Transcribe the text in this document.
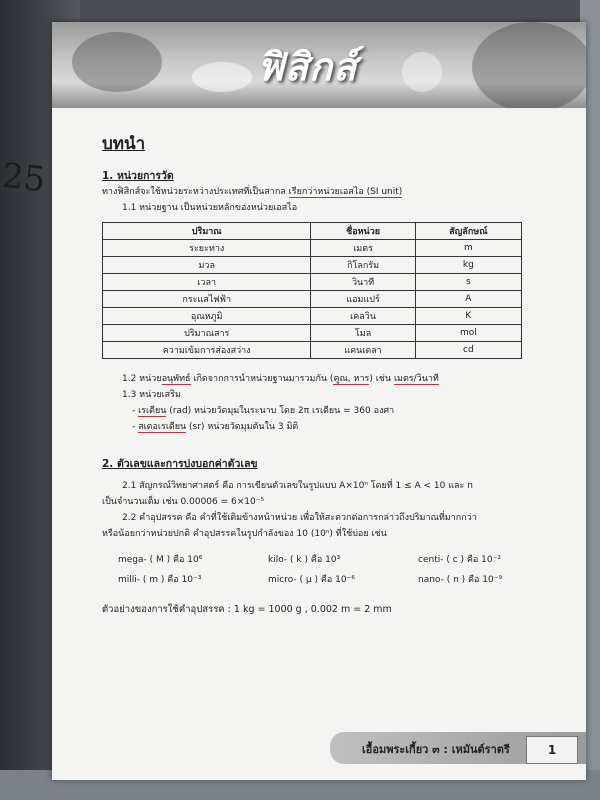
25
ฟิสิกส์

บทนำ

1. หน่วยการวัด

ทางฟิสิกส์จะใช้หน่วยระหว่างประเทศที่เป็นสากล เรียกว่าหน่วยเอสไอ (SI unit)

1.1 หน่วยฐาน เป็นหน่วยหลักของหน่วยเอสไอ

ปริมาณ	ชื่อหน่วย	สัญลักษณ์
ระยะทาง	เมตร	m
มวล	กิโลกรัม	kg
เวลา	วินาที	s
กระแสไฟฟ้า	แอมแปร์	A
อุณหภูมิ	เคลวิน	K
ปริมาณสาร	โมล	mol
ความเข้มการส่องสว่าง	แคนเดลา	cd

1.2 หน่วยอนุพัทธ์ เกิดจากการนำหน่วยฐานมารวมกัน (คูณ, หาร) เช่น เมตร/วินาที

1.3 หน่วยเสริม

- เรเดียน (rad) หน่วยวัดมุมในระนาบ โดย 2π เรเดียน = 360 องศา

- สเตอเรเดียน (sr) หน่วยวัดมุมตันใน 3 มิติ

2. ตัวเลขและการบ่งบอกค่าตัวเลข

2.1 สัญกรณ์วิทยาศาสตร์ คือ การเขียนตัวเลขในรูปแบบ A×10ⁿ โดยที่ 1 ≤ A < 10 และ n

เป็นจำนวนเต็ม เช่น 0.00006 = 6×10⁻⁵

2.2 คำอุปสรรค คือ คำที่ใช้เติมข้างหน้าหน่วย เพื่อให้สะดวกต่อการกล่าวถึงปริมาณที่มากกว่า

หรือน้อยกว่าหน่วยปกติ คำอุปสรรคในรูปกำลังของ 10 (10ⁿ) ที่ใช้บ่อย เช่น

mega- ( M ) คือ 10⁶	kilo- ( k ) คือ 10³	centi- ( c ) คือ 10⁻²
milli- ( m ) คือ 10⁻³	micro- ( μ ) คือ 10⁻⁶	nano- ( n ) คือ 10⁻⁹

ตัวอย่างของการใช้คำอุปสรรค : 1 kg = 1000 g , 0.002 m = 2 mm

เอื้อมพระเกี้ยว ๓ : เหมันต์ราตรี	1
